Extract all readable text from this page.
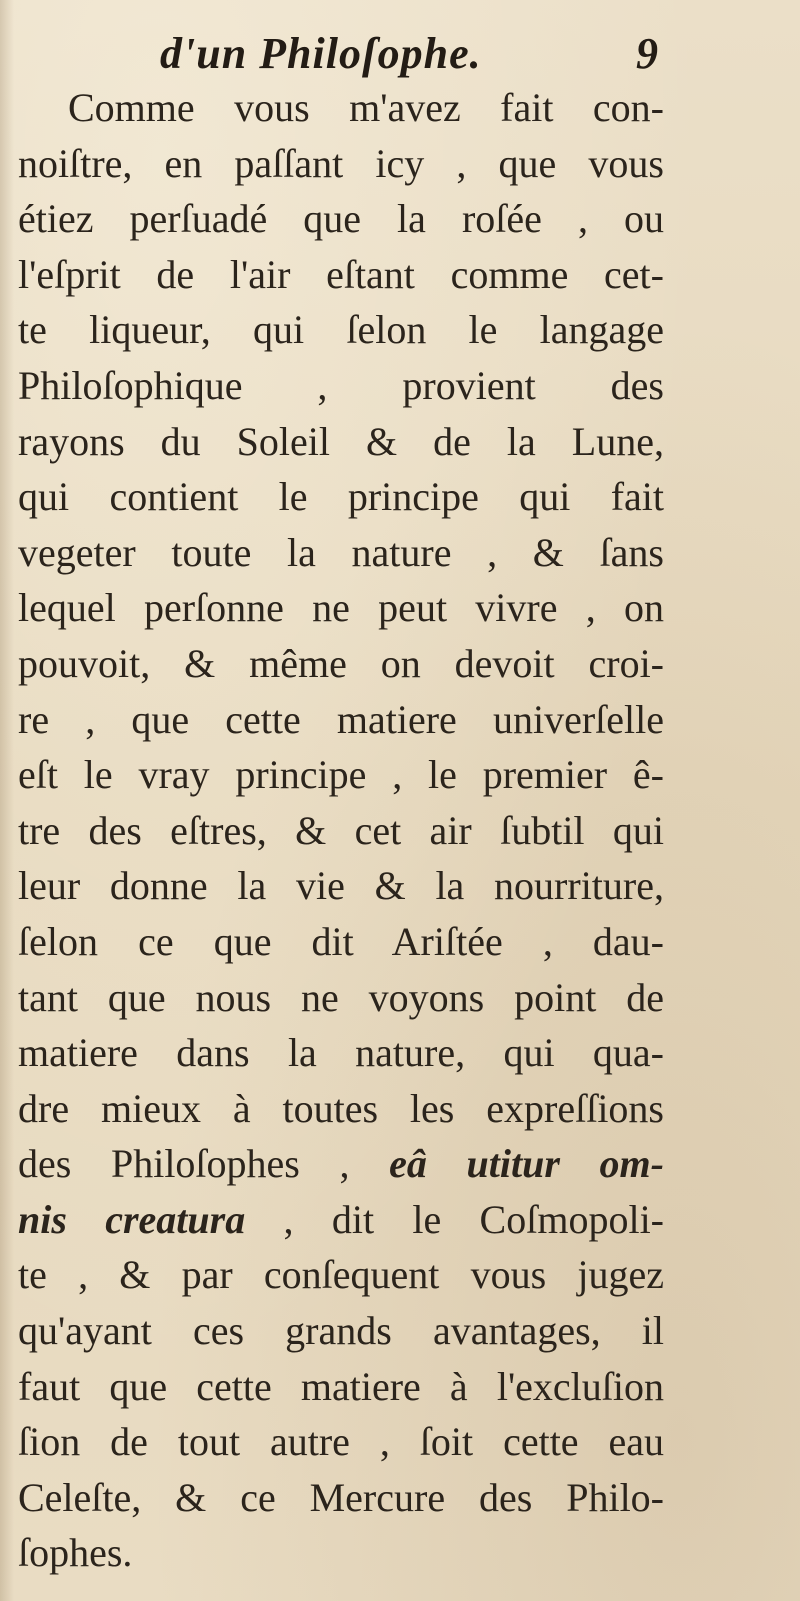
d'un Philoſophe.	9
Comme vous m'avez fait con-
noiſtre, en paſſant icy , que vous
étiez perſuadé que la roſée , ou
l'eſprit de l'air eſtant comme cet-
te liqueur, qui ſelon le langage
Philoſophique , provient des
rayons du Soleil & de la Lune,
qui contient le principe qui fait
vegeter toute la nature , & ſans
lequel perſonne ne peut vivre , on
pouvoit, & même on devoit croi-
re , que cette matiere univerſelle
eſt le vray principe , le premier ê-
tre des eſtres, & cet air ſubtil qui
leur donne la vie & la nourriture,
ſelon ce que dit Ariſtée , dau-
tant que nous ne voyons point de
matiere dans la nature, qui qua-
dre mieux à toutes les expreſſions
des Philoſophes , eâ utitur om-
nis creatura , dit le Coſmopoli-
te , & par conſequent vous jugez
qu'ayant ces grands avantages, il
faut que cette matiere à l'excluſion
ſion de tout autre , ſoit cette eau
Celeſte, & ce Mercure des Philo-
ſophes.
